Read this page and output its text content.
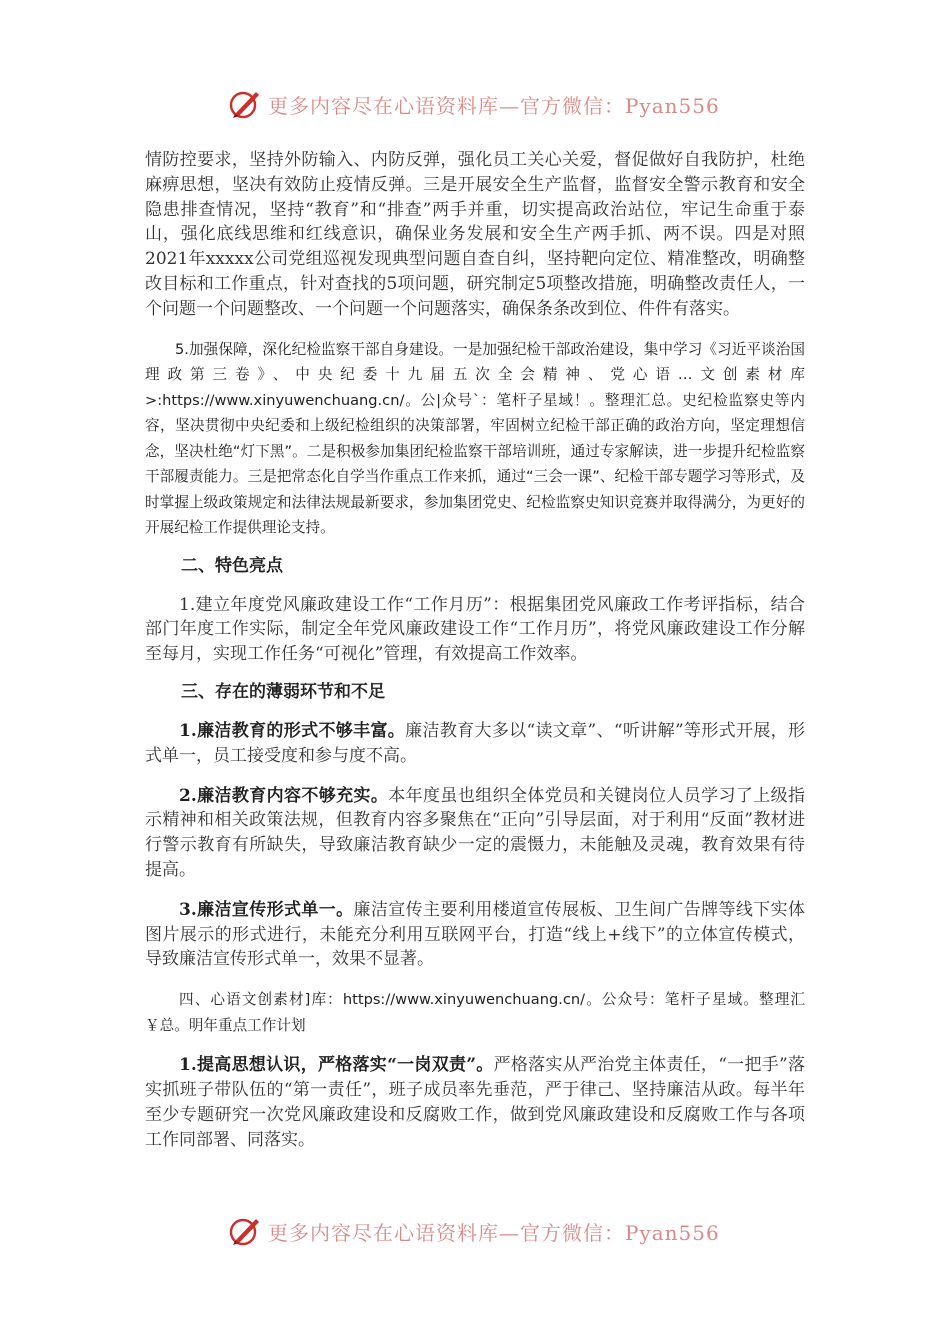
更多内容尽在心语资料库—官方微信：Pyan556

情防控要求，坚持外防输入、内防反弹，强化员工关心关爱，督促做好自我防护，杜绝麻痹思想，坚决有效防止疫情反弹。三是开展安全生产监督，监督安全警示教育和安全隐患排查情况，坚持“教育”和“排查”两手并重，切实提高政治站位，牢记生命重于泰山，强化底线思维和红线意识，确保业务发展和安全生产两手抓、两不误。四是对照2021年xxxxx公司党组巡视发现典型问题自查自纠，坚持靶向定位、精准整改，明确整改目标和工作重点，针对查找的5项问题，研究制定5项整改措施，明确整改责任人，一个问题一个问题整改、一个问题一个问题落实，确保条条改到位、件件有落实。

5.加强保障，深化纪检监察干部自身建设。一是加强纪检干部政治建设，集中学习《习近平谈治国理政第三卷》、中央纪委十九届五次全会精神、党心语…文创素材库>:https://www.xinyuwenchuang.cn/。公|众号`：笔杆子星域！。整理汇总。史纪检监察史等内容，坚决贯彻中央纪委和上级纪检组织的决策部署，牢固树立纪检干部正确的政治方向，坚定理想信念，坚决杜绝“灯下黑”。二是积极参加集团纪检监察干部培训班，通过专家解读，进一步提升纪检监察干部履责能力。三是把常态化自学当作重点工作来抓，通过“三会一课”、纪检干部专题学习等形式，及时掌握上级政策规定和法律法规最新要求，参加集团党史、纪检监察史知识竞赛并取得满分，为更好的开展纪检工作提供理论支持。

二、特色亮点

1.建立年度党风廉政建设工作“工作月历”：根据集团党风廉政工作考评指标，结合部门年度工作实际，制定全年党风廉政建设工作“工作月历”，将党风廉政建设工作分解至每月，实现工作任务“可视化”管理，有效提高工作效率。

三、存在的薄弱环节和不足

1.廉洁教育的形式不够丰富。廉洁教育大多以“读文章”、“听讲解”等形式开展，形式单一，员工接受度和参与度不高。

2.廉洁教育内容不够充实。本年度虽也组织全体党员和关键岗位人员学习了上级指示精神和相关政策法规，但教育内容多聚焦在“正向”引导层面，对于利用“反面”教材进行警示教育有所缺失，导致廉洁教育缺少一定的震慑力，未能触及灵魂，教育效果有待提高。

3.廉洁宣传形式单一。廉洁宣传主要利用楼道宣传展板、卫生间广告牌等线下实体图片展示的形式进行，未能充分利用互联网平台，打造“线上+线下”的立体宣传模式，导致廉洁宣传形式单一，效果不显著。

四、心语文创素材]库：https://www.xinyuwenchuang.cn/。公众号：笔杆子星域。整理汇￥总。明年重点工作计划

1.提高思想认识，严格落实“一岗双责”。严格落实从严治党主体责任，“一把手”落实抓班子带队伍的“第一责任”，班子成员率先垂范，严于律己、坚持廉洁从政。每半年至少专题研究一次党风廉政建设和反腐败工作，做到党风廉政建设和反腐败工作与各项工作同部署、同落实。

更多内容尽在心语资料库—官方微信：Pyan556
